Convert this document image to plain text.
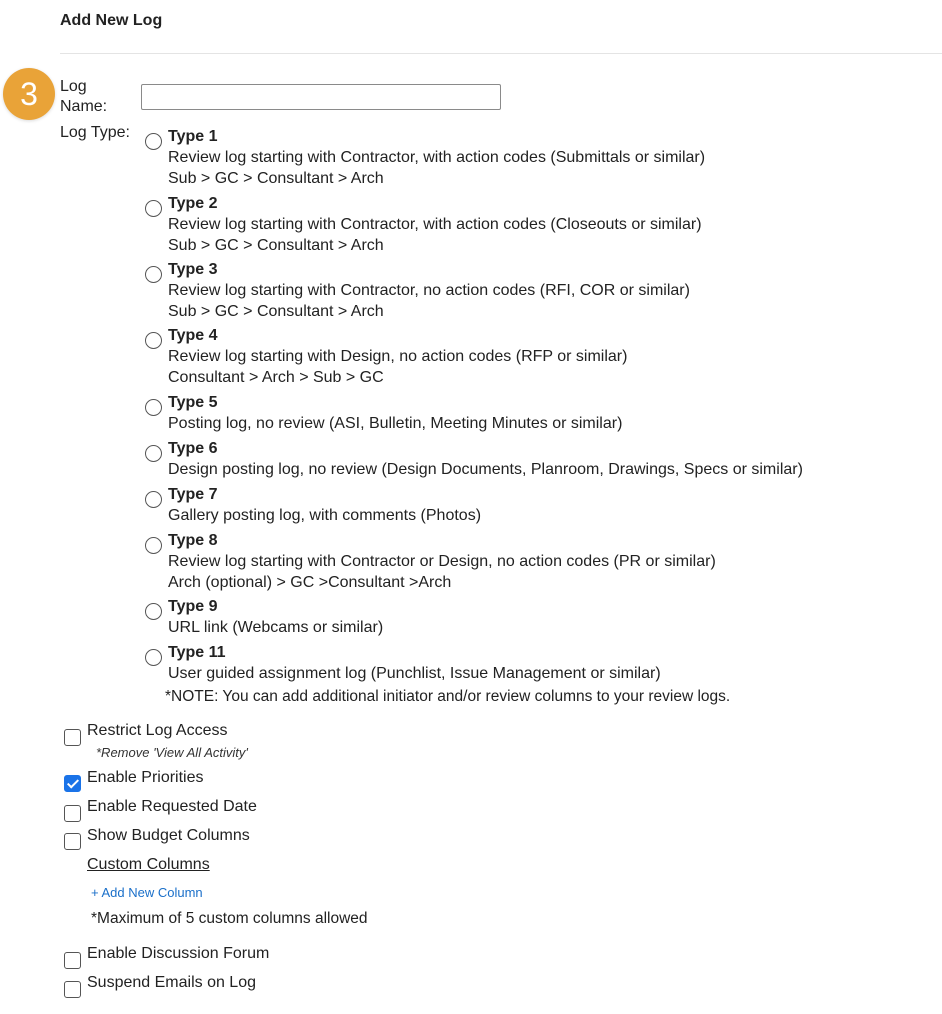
Add New Log
3	Log
Name:
Log Type: Type 1
Review log starting with Contractor, with action codes (Submittals or similar)
Sub > GC > Consultant > Arch
Type 2
Review log starting with Contractor, with action codes (Closeouts or similar)
Sub > GC > Consultant > Arch
Type 3
Review log starting with Contractor, no action codes (RFI, COR or similar)
Sub > GC > Consultant > Arch
Type 4
Review log starting with Design, no action codes (RFP or similar)
Consultant > Arch > Sub > GC
Type 5
Posting log, no review (ASI, Bulletin, Meeting Minutes or similar)
Type 6
Design posting log, no review (Design Documents, Planroom, Drawings, Specs or similar)
Type 7
Gallery posting log, with comments (Photos)
Type 8
Review log starting with Contractor or Design, no action codes (PR or similar)
Arch (optional) > GC >Consultant >Arch
Type 9
URL link (Webcams or similar)
Type 11
User guided assignment log (Punchlist, Issue Management or similar)
*NOTE: You can add additional initiator and/or review columns to your review logs.
Restrict Log Access
*Remove 'View All Activity'
Enable Priorities
Enable Requested Date
Show Budget Columns
Custom Columns
+ Add New Column
*Maximum of 5 custom columns allowed
Enable Discussion Forum
Suspend Emails on Log
